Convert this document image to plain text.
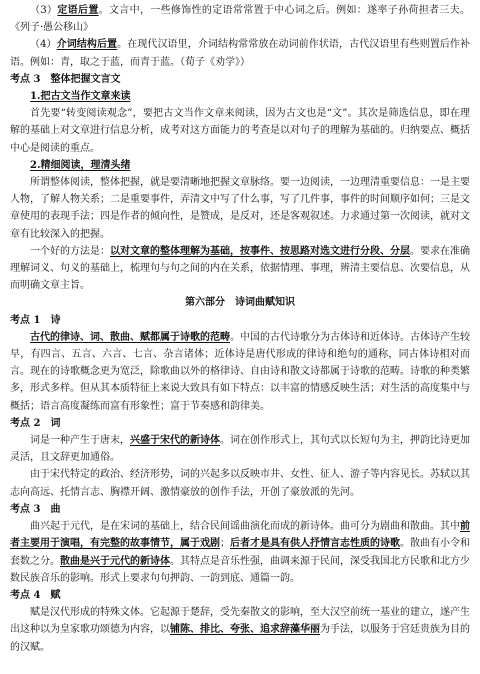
（3）定语后置。文言中，一些修饰性的定语常常置于中心词之后。例如：遂率子孙荷担者三夫。《列子·愚公移山》

（4）介词结构后置。在现代汉语里，介词结构常常放在动词前作状语，古代汉语里有些则置后作补语。例如：青，取之于蓝，而青于蓝。（荀子《劝学》）

考点 3 整体把握文言文

1.把古文当作文章来读

首先要“转变阅读观念”，要把古文当作文章来阅读，因为古文也是“文”。其次是筛选信息，即在理解的基础上对文章进行信息分析，成考对这方面能力的考查是以对句子的理解为基础的。归纳要点、概括中心是阅读的重点。

2.精细阅读，理清头绪

所谓整体阅读，整体把握，就是要清晰地把握文章脉络。要一边阅读，一边理清重要信息：一是主要人物，了解人物关系；二是重要事件，弄清文中写了什么事，写了几件事，事件的时间顺序如何；三是文章使用的表现手法；四是作者的倾向性，是赞成，是反对，还是客观叙述。力求通过第一次阅读，就对文章有比较深入的把握。

一个好的方法是：以对文章的整体理解为基础，按事件、按思路对选文进行分段、分层。要求在准确理解词义、句义的基础上，梳理句与句之间的内在关系，依据情理、事理，辨清主要信息、次要信息，从而明确文章主旨。

第六部分　诗词曲赋知识

考点 1 诗

古代的律诗、词、散曲、赋都属于诗歌的范畴。中国的古代诗歌分为古体诗和近体诗。古体诗产生较早，有四言、五言、六言、七言、杂言诸体；近体诗是唐代形成的律诗和绝句的通称，同古体诗相对而言。现在的诗歌概念更为宽泛，除歌曲以外的格律诗、自由诗和散文诗都属于诗歌的范畴。诗歌的种类繁多，形式多样。但从其本质特征上来说大致具有如下特点：以丰富的情感反映生活；对生活的高度集中与概括；语言高度凝练而富有形象性；富于节奏感和韵律美。

考点 2 词

词是一种产生于唐末，兴盛于宋代的新诗体。词在创作形式上，其句式以长短句为主，押韵比诗更加灵活，且文辞更加通俗。

由于宋代特定的政治、经济形势，词的兴起多以反映市井、女性、征人、游子等内容见长。苏轼以其志向高远、托情言志、胸襟开阔、激情豪放的创作手法，开创了豪放派的先河。

考点 3 曲

曲兴起于元代，是在宋词的基础上，结合民间谣曲演化而成的新诗体。曲可分为剧曲和散曲。其中前者主要用于演唱，有完整的故事情节，属于戏剧；后者才是具有供人抒情言志性质的诗歌。散曲有小令和套数之分。散曲是兴于元代的新诗体。其特点是音乐性强，曲调来源于民间，深受我国北方民歌和北方少数民族音乐的影响。形式上要求句句押韵、一韵到底、通篇一韵。

考点 4 赋

赋是汉代形成的特殊文体。它起源于楚辞，受先秦散文的影响，至大汉空前统一基业的建立，遂产生出这种以为皇家歌功颂德为内容，以铺陈、排比、夸张、追求辞藻华丽为手法，以服务于宫廷贵族为目的的汉赋。
